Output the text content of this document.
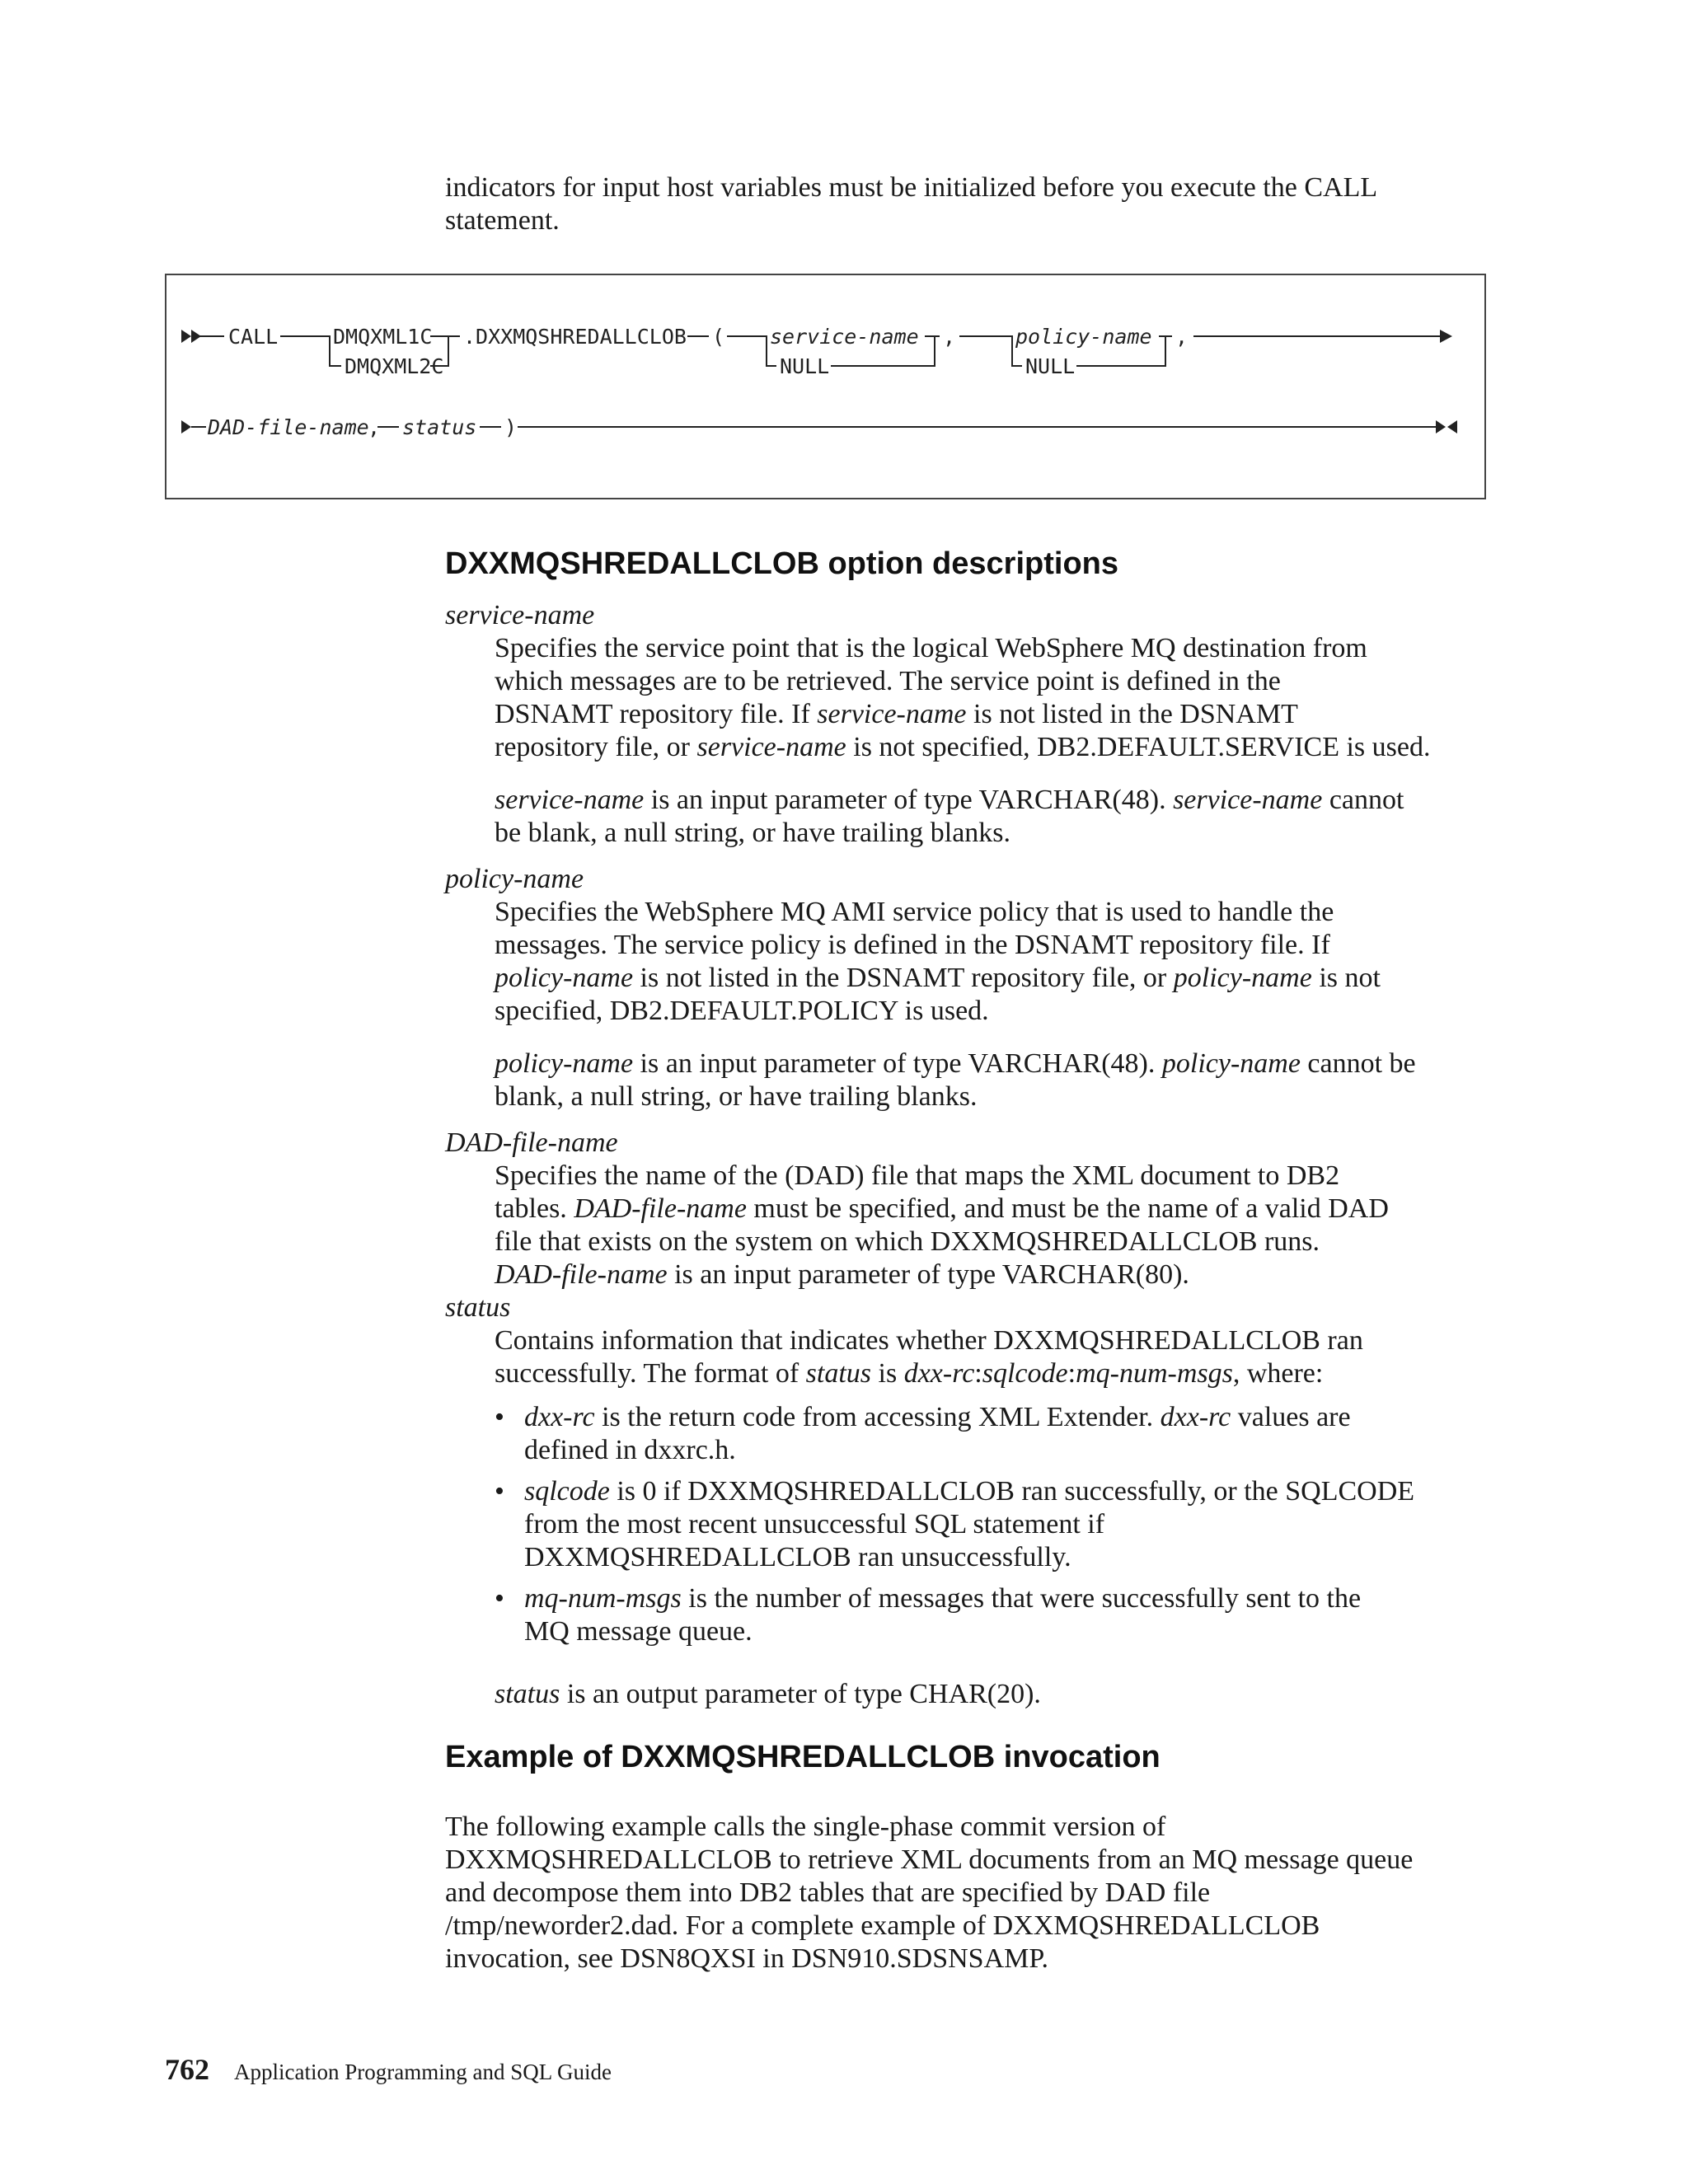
indicators for input host variables must be initialized before you execute the CALL
statement.

CALL	DMQXML1C
DMQXML2C
.DXXMQSHREDALLCLOB ( service-name
NULL
,	policy-name
NULL
,
DAD-file-name
, status )
DXXMQSHREDALLCLOB option descriptions

service-name

Specifies the service point that is the logical WebSphere MQ destination from
which messages are to be retrieved. The service point is defined in the
DSNAMT repository file. If service-name is not listed in the DSNAMT
repository file, or service-name is not specified, DB2.DEFAULT.SERVICE is used.

service-name is an input parameter of type VARCHAR(48). service-name cannot
be blank, a null string, or have trailing blanks.

policy-name

Specifies the WebSphere MQ AMI service policy that is used to handle the
messages. The service policy is defined in the DSNAMT repository file. If
policy-name is not listed in the DSNAMT repository file, or policy-name is not
specified, DB2.DEFAULT.POLICY is used.

policy-name is an input parameter of type VARCHAR(48). policy-name cannot be
blank, a null string, or have trailing blanks.

DAD-file-name

Specifies the name of the (DAD) file that maps the XML document to DB2
tables. DAD-file-name must be specified, and must be the name of a valid DAD
file that exists on the system on which DXXMQSHREDALLCLOB runs.
DAD-file-name is an input parameter of type VARCHAR(80).

status

Contains information that indicates whether DXXMQSHREDALLCLOB ran
successfully. The format of status is dxx-rc:sqlcode:mq-num-msgs, where:

• dxx-rc is the return code from accessing XML Extender. dxx-rc values are
defined in dxxrc.h.
• sqlcode is 0 if DXXMQSHREDALLCLOB ran successfully, or the SQLCODE
from the most recent unsuccessful SQL statement if
DXXMQSHREDALLCLOB ran unsuccessfully.
• mq-num-msgs is the number of messages that were successfully sent to the
MQ message queue.

status is an output parameter of type CHAR(20).

Example of DXXMQSHREDALLCLOB invocation

The following example calls the single-phase commit version of
DXXMQSHREDALLCLOB to retrieve XML documents from an MQ message queue
and decompose them into DB2 tables that are specified by DAD file
/tmp/neworder2.dad. For a complete example of DXXMQSHREDALLCLOB
invocation, see DSN8QXSI in DSN910.SDSNSAMP.

762 Application Programming and SQL Guide
